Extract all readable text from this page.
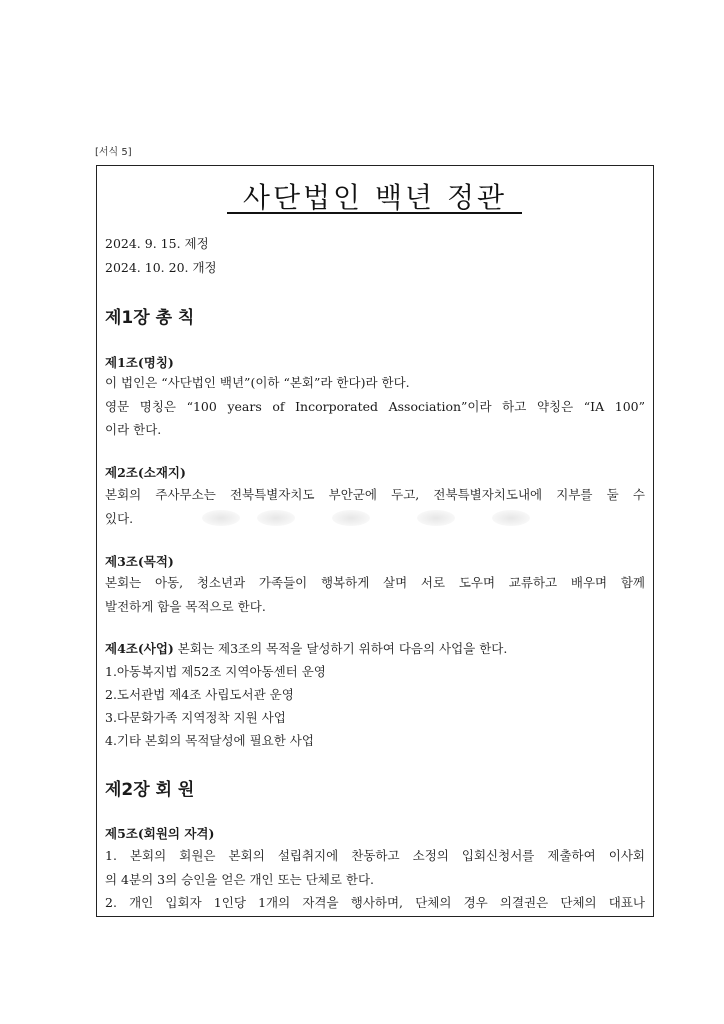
[서식 5]
사단법인 백년 정관
2024. 9. 15. 제정
2024. 10. 20. 개정
제1장 총 칙
제1조(명칭)
이 법인은 “사단법인 백년”(이하 “본회”라 한다)라 한다.
영문 명칭은 “100 years of Incorporated Association”이라 하고 약칭은 “IA 100”
이라 한다.
제2조(소재지)
본회의 주사무소는 전북특별자치도 부안군에 두고, 전북특별자치도내에 지부를 둘 수
있다.
제3조(목적)
본회는 아동, 청소년과 가족들이 행복하게 살며 서로 도우며 교류하고 배우며 함께
발전하게 함을 목적으로 한다.
제4조(사업) 본회는 제3조의 목적을 달성하기 위하여 다음의 사업을 한다.
1.아동복지법 제52조 지역아동센터 운영
2.도서관법 제4조 사립도서관 운영
3.다문화가족 지역정착 지원 사업
4.기타 본회의 목적달성에 필요한 사업
제2장 회 원
제5조(회원의 자격)
1. 본회의 회원은 본회의 설립취지에 찬동하고 소정의 입회신청서를 제출하여 이사회
의 4분의 3의 승인을 얻은 개인 또는 단체로 한다.
2. 개인 입회자 1인당 1개의 자격을 행사하며, 단체의 경우 의결권은 단체의 대표나
